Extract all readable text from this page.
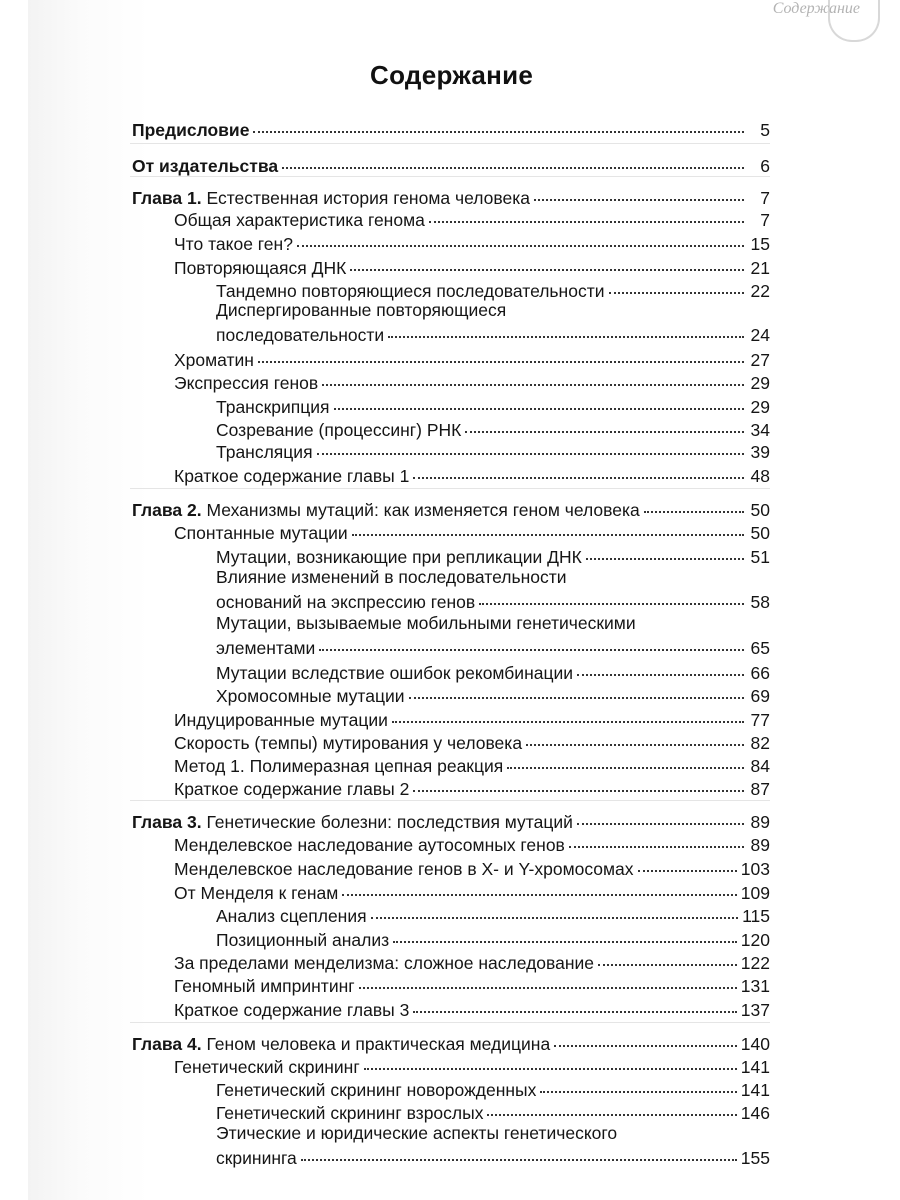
Содержание
Содержание
Предисловие	5
От издательства	6
Глава 1. Естественная история генома человека	7
Общая характеристика генома	7
Что такое ген?	15
Повторяющаяся ДНК	21
Тандемно повторяющиеся последовательности	22
Диспергированные повторяющиеся
последовательности	24
Хроматин	27
Экспрессия генов	29
Транскрипция	29
Созревание (процессинг) РНК	34
Трансляция	39
Краткое содержание главы 1	48
Глава 2. Механизмы мутаций: как изменяется геном человека	50
Спонтанные мутации	50
Мутации, возникающие при репликации ДНК	51
Влияние изменений в последовательности
оснований на экспрессию генов	58
Мутации, вызываемые мобильными генетическими
элементами	65
Мутации вследствие ошибок рекомбинации	66
Хромосомные мутации	69
Индуцированные мутации	77
Скорость (темпы) мутирования у человека	82
Метод 1. Полимеразная цепная реакция	84
Краткое содержание главы 2	87
Глава 3. Генетические болезни: последствия мутаций	89
Менделевское наследование аутосомных генов	89
Менделевское наследование генов в X- и Y-хромосомах	103
От Менделя к генам	109
Анализ сцепления	115
Позиционный анализ	120
За пределами менделизма: сложное наследование	122
Геномный импринтинг	131
Краткое содержание главы 3	137
Глава 4. Геном человека и практическая медицина	140
Генетический скрининг	141
Генетический скрининг новорожденных	141
Генетический скрининг взрослых	146
Этические и юридические аспекты генетического
скрининга	155
